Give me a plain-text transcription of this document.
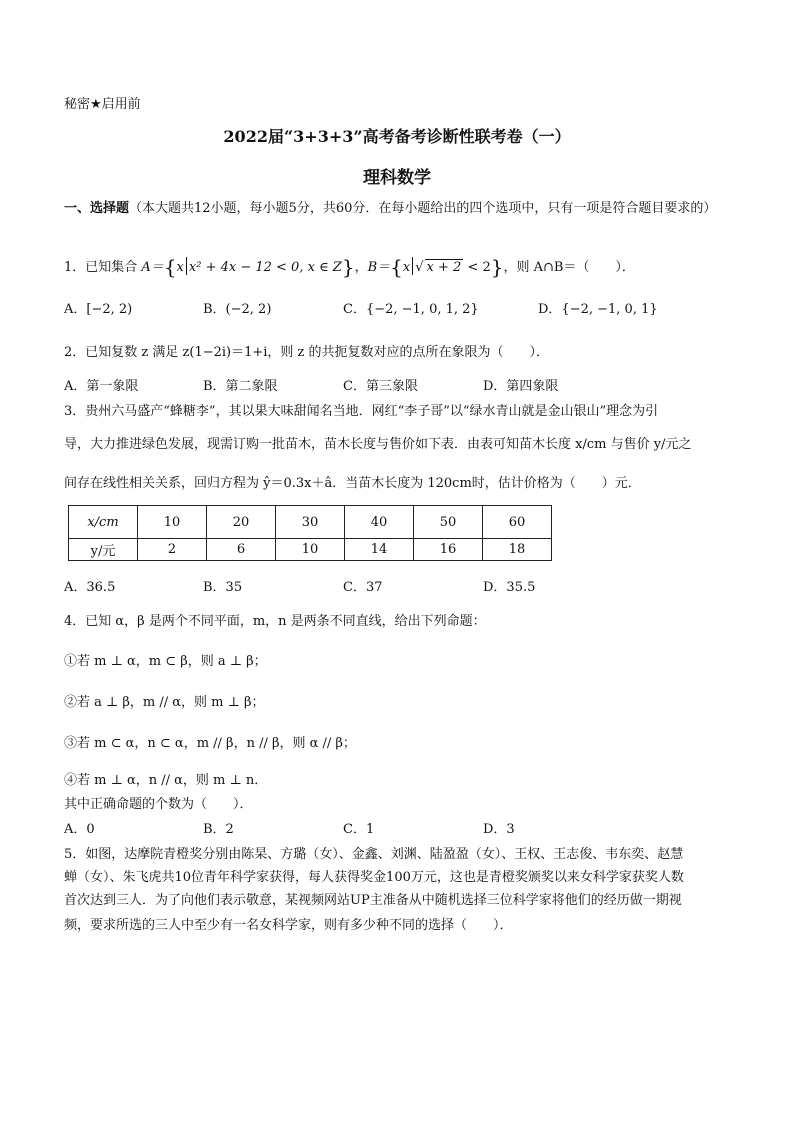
秘密★启用前
2022届“3+3+3”高考备考诊断性联考卷（一）
理科数学
一、选择题（本大题共12小题，每小题5分，共60分．在每小题给出的四个选项中，只有一项是符合题目要求的）
1．已知集合 A＝{x x² + 4x − 12 < 0, x ∈ Z}，B＝{x √ x + 2 < 2}，则 A∩B＝（　　）．
A．[−2, 2)	B．(−2, 2)	C．{−2, −1, 0, 1, 2}	D．{−2, −1, 0, 1}
2．已知复数 z 满足 z(1−2i)＝1+i，则 z 的共扼复数对应的点所在象限为（　　）．
A．第一象限	B．第二象限	C．第三象限	D．第四象限
3．贵州六马盛产“蜂糖李”，其以果大味甜闻名当地．网红“李子哥”以“绿水青山就是金山银山”理念为引
导，大力推进绿色发展，现需订购一批苗木，苗木长度与售价如下表．由表可知苗木长度 x/cm 与售价 y/元之
间存在线性相关关系，回归方程为 ŷ＝0.3x＋â．当苗木长度为 120cm时，估计价格为（　　）元．
x/cm	10	20	30	40	50	60
y/元	2	6	10	14	16	18
A．36.5	B．35	C．37	D．35.5
4．已知 α，β 是两个不同平面，m，n 是两条不同直线，给出下列命题：
①若 m ⊥ α，m ⊂ β，则 a ⊥ β；
②若 a ⊥ β，m // α，则 m ⊥ β；
③若 m ⊂ α，n ⊂ α，m // β，n // β，则 α // β；
④若 m ⊥ α，n // α，则 m ⊥ n．
其中正确命题的个数为（　　）．
A．0	B．2	C．1	D．3
5．如图，达摩院青橙奖分别由陈杲、方璐（女）、金鑫、刘渊、陆盈盈（女）、王权、王志俊、韦东奕、赵慧
蝉（女）、朱飞虎共10位青年科学家获得，每人获得奖金100万元，这也是青橙奖颁奖以来女科学家获奖人数
首次达到三人．为了向他们表示敬意，某视频网站UP主准备从中随机选择三位科学家将他们的经历做一期视
频，要求所选的三人中至少有一名女科学家，则有多少种不同的选择（　　）．
